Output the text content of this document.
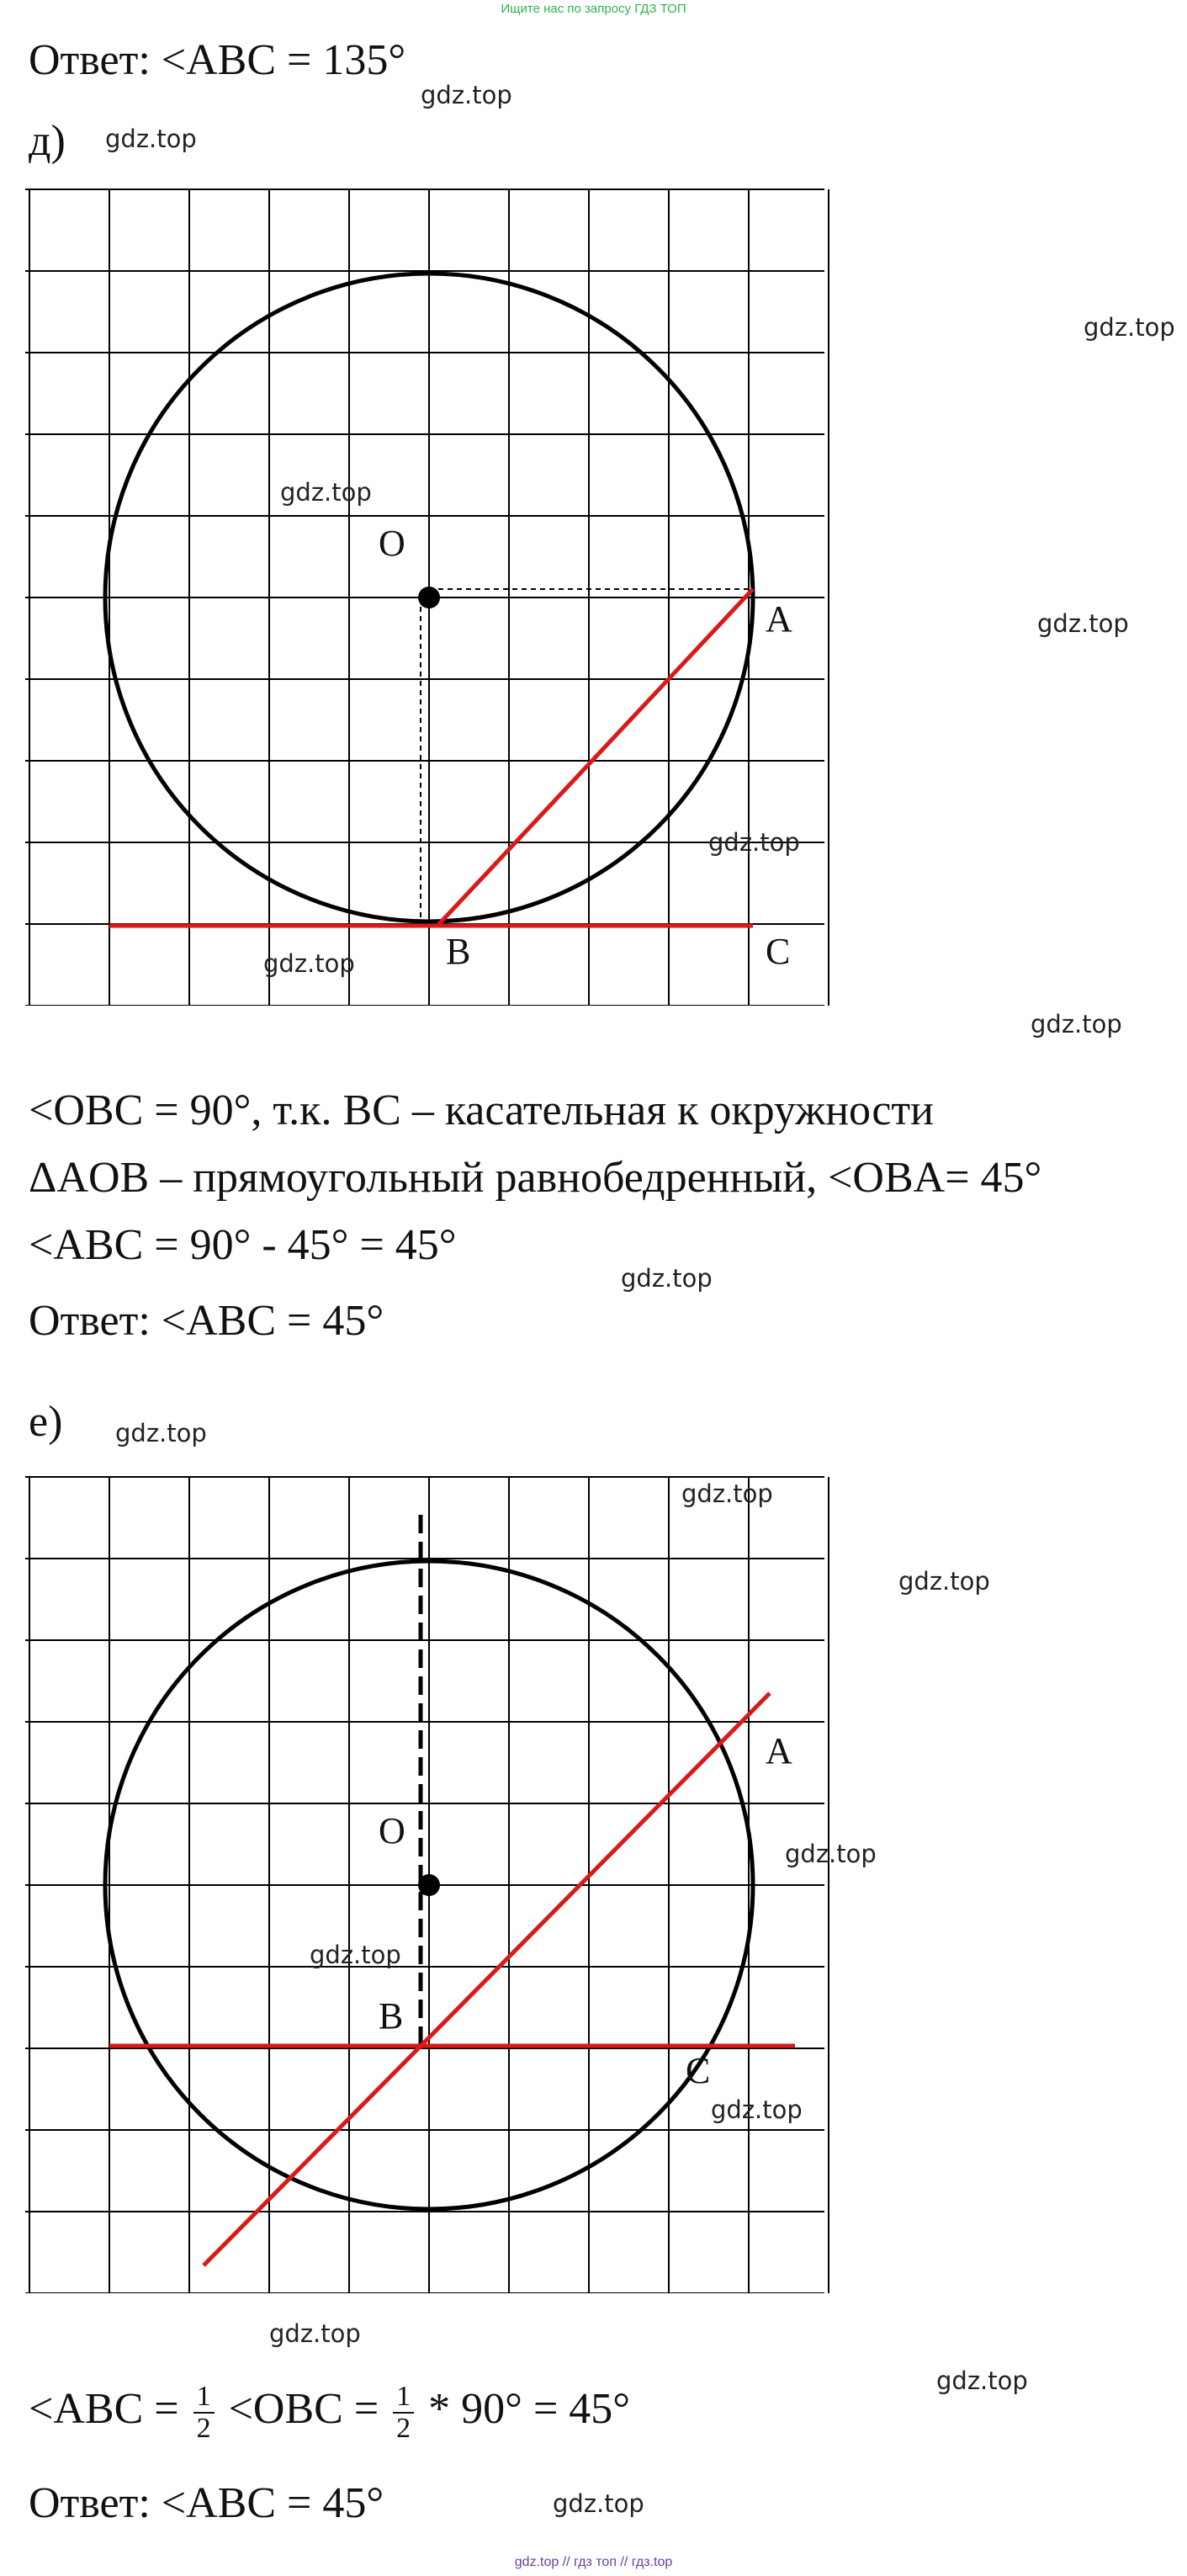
Ищите нас по запросу ГДЗ ТОП
Ответ: <ABC = 135°
д)
O
A
B	C
<OBC = 90°, т.к. BC – касательная к окружности
ΔAOB – прямоугольный равнобедренный, <OBA= 45°
<ABC = 90° - 45° = 45°
Ответ: <ABC = 45°
е)
O
A
B
C
$<ABC = \frac{1}{2} <OBC = \frac{1}{2} * 90^\circ = 45^\circ$
Ответ: <ABC = 45°
gdz.top
gdz.top
gdz.top
gdz.top
gdz.top
gdz.top
gdz.top
gdz.top
gdz.top
gdz.top
gdz.top
gdz.top
gdz.top
gdz.top
gdz.top
gdz.top
gdz.top
gdz.top
gdz.top // гдз топ // гдз.top
